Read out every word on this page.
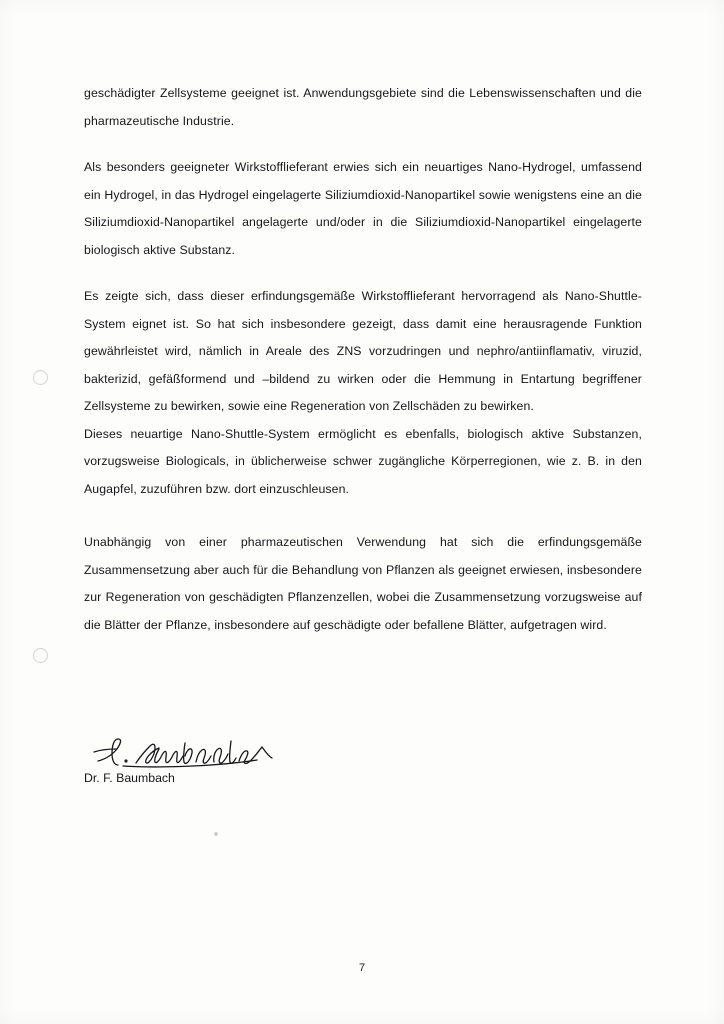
geschädigter Zellsysteme geeignet ist. Anwendungsgebiete sind die Lebenswissenschaften und die pharmazeutische Industrie.

Als besonders geeigneter Wirkstofflieferant erwies sich ein neuartiges Nano-Hydrogel, umfassend ein Hydrogel, in das Hydrogel eingelagerte Siliziumdioxid-Nanopartikel sowie wenigstens eine an die Siliziumdioxid-Nanopartikel angelagerte und/oder in die Siliziumdioxid-Nanopartikel eingelagerte biologisch aktive Substanz.

Es zeigte sich, dass dieser erfindungsgemäße Wirkstofflieferant hervorragend als Nano-Shuttle-System eignet ist. So hat sich insbesondere gezeigt, dass damit eine herausragende Funktion gewährleistet wird, nämlich in Areale des ZNS vorzudringen und nephro/antiinflamativ, viruzid, bakterizid, gefäßformend und –bildend zu wirken oder die Hemmung in Entartung begriffener Zellsysteme zu bewirken, sowie eine Regeneration von Zellschäden zu bewirken.

Dieses neuartige Nano-Shuttle-System ermöglicht es ebenfalls, biologisch aktive Substanzen, vorzugsweise Biologicals, in üblicherweise schwer zugängliche Körperregionen, wie z. B. in den Augapfel, zuzuführen bzw. dort einzuschleusen.

Unabhängig von einer pharmazeutischen Verwendung hat sich die erfindungsgemäße Zusammensetzung aber auch für die Behandlung von Pflanzen als geeignet erwiesen, insbesondere zur Regeneration von geschädigten Pflanzenzellen, wobei die Zusammensetzung vorzugsweise auf die Blätter der Pflanze, insbesondere auf geschädigte oder befallene Blätter, aufgetragen wird.

Dr. F. Baumbach
7
